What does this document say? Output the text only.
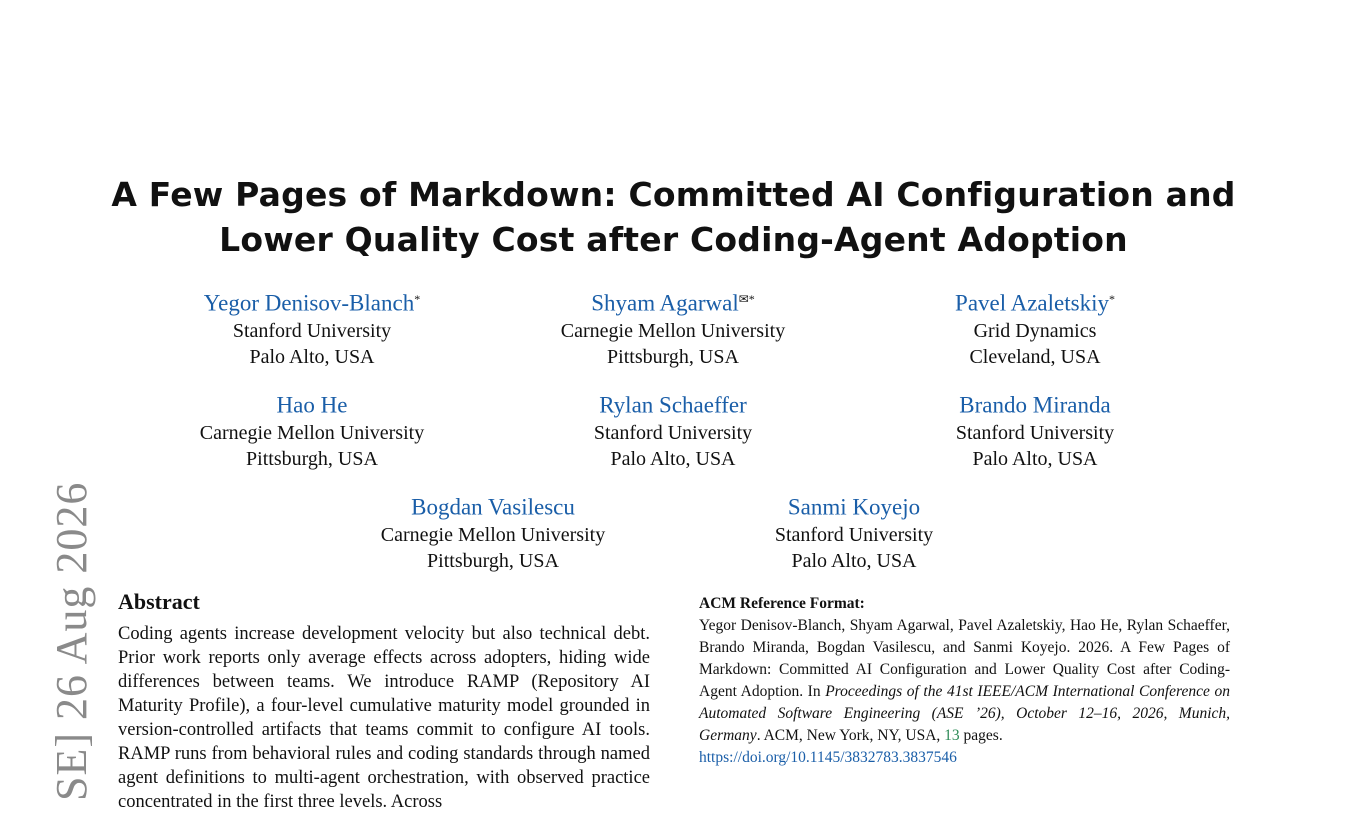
A Few Pages of Markdown: Committed AI Configuration and
Lower Quality Cost after Coding-Agent Adoption
Yegor Denisov-Blanch*
Stanford University
Palo Alto, USA
Shyam Agarwal✉*
Carnegie Mellon University
Pittsburgh, USA
Pavel Azaletskiy*
Grid Dynamics
Cleveland, USA
Hao He
Carnegie Mellon University
Pittsburgh, USA
Rylan Schaeffer
Stanford University
Palo Alto, USA
Brando Miranda
Stanford University
Palo Alto, USA
Bogdan Vasilescu
Carnegie Mellon University
Pittsburgh, USA
Sanmi Koyejo
Stanford University
Palo Alto, USA
Abstract

Coding agents increase development velocity but also technical debt. Prior work reports only average effects across adopters, hiding wide differences between teams. We introduce RAMP (Repository AI Maturity Profile), a four-level cumulative maturity model grounded in version-controlled artifacts that teams commit to configure AI tools. RAMP runs from behavioral rules and coding standards through named agent definitions to multi-agent orchestration, with observed practice concentrated in the first three levels. Across

ACM Reference Format:
Yegor Denisov-Blanch, Shyam Agarwal, Pavel Azaletskiy, Hao He, Rylan Schaeffer, Brando Miranda, Bogdan Vasilescu, and Sanmi Koyejo. 2026. A Few Pages of Markdown: Committed AI Configuration and Lower Quality Cost after Coding-Agent Adoption. In Proceedings of the 41st IEEE/ACM International Conference on Automated Software Engineering (ASE ’26), October 12–16, 2026, Munich, Germany. ACM, New York, NY, USA, 13 pages.
https://doi.org/10.1145/3832783.3837546
SE] 26 Aug 2026
